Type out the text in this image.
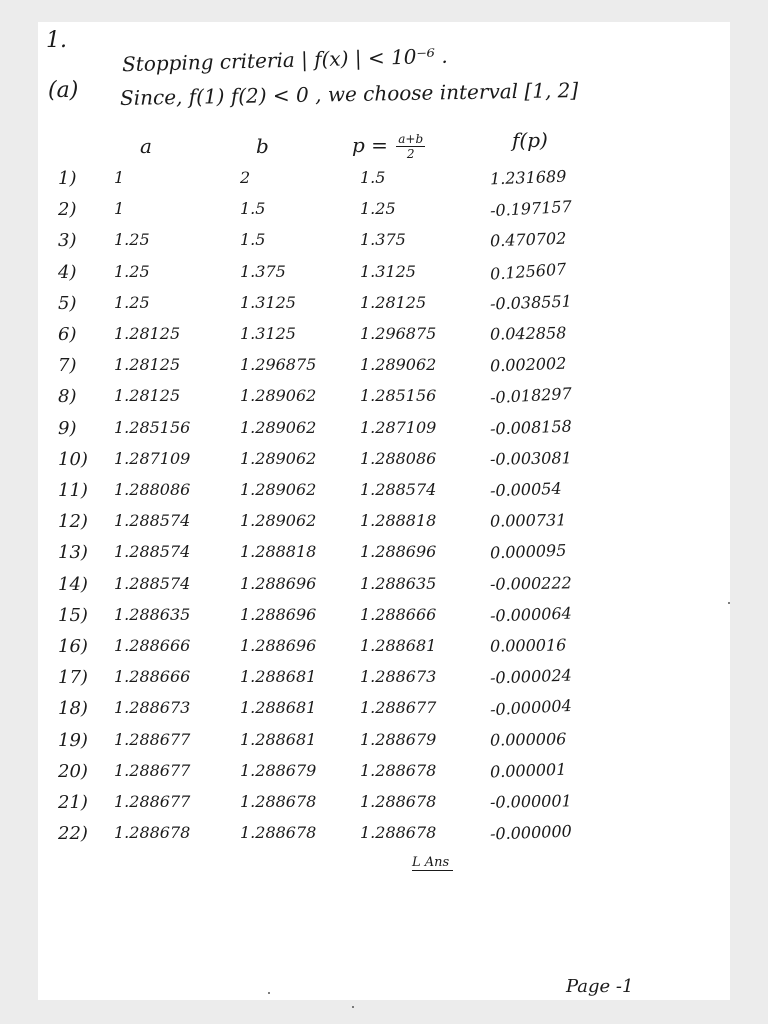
1.
Stopping criteria | f(x) | < 10⁻⁶ .
(a) Since, f(1) f(2) < 0 , we choose interval [1, 2]
a	b	$p = \frac{a+b}{2}$	f(p)
1) 1	2	1.5	1.231689
2) 1	1.5	1.25	-0.197157
3) 1.25	1.5	1.375	0.470702
4) 1.25	1.375	1.3125	0.125607
5) 1.25	1.3125	1.28125	-0.038551
6) 1.28125	1.3125	1.296875	0.042858
7) 1.28125	1.296875	1.289062	0.002002
8) 1.28125	1.289062	1.285156	-0.018297
9) 1.285156	1.289062	1.287109	-0.008158
10) 1.287109	1.289062	1.288086	-0.003081
11) 1.288086	1.289062	1.288574	-0.00054
12) 1.288574	1.289062	1.288818	0.000731
13) 1.288574	1.288818	1.288696	0.000095
14) 1.288574	1.288696	1.288635	-0.000222
15) 1.288635	1.288696	1.288666	-0.000064
16) 1.288666	1.288696	1.288681	0.000016
17) 1.288666	1.288681	1.288673	-0.000024
18) 1.288673	1.288681	1.288677	-0.000004
19) 1.288677	1.288681	1.288679	0.000006
20) 1.288677	1.288679	1.288678	0.000001
21) 1.288677	1.288678	1.288678	-0.000001
22) 1.288678	1.288678	1.288678	-0.000000
L Ans
Page -1
